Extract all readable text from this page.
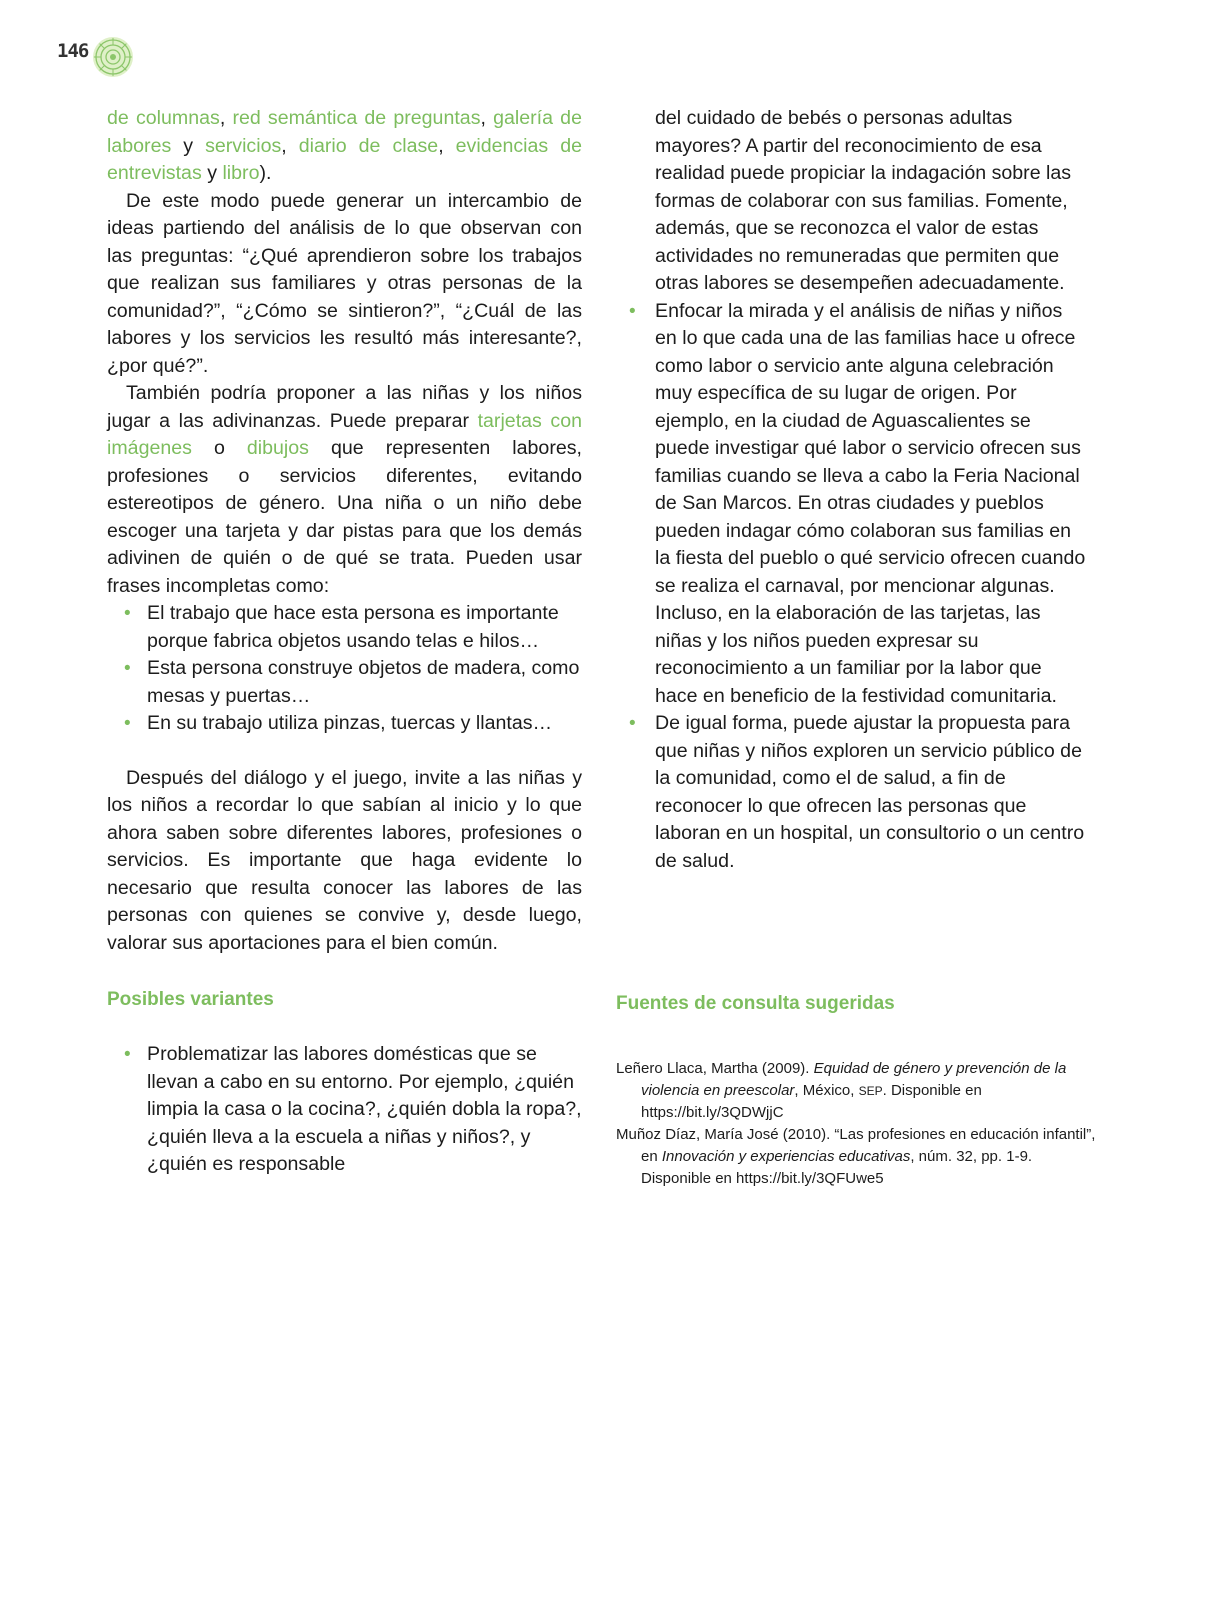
146

de columnas, red semántica de preguntas, galería de labores y servicios, diario de clase, evidencias de entrevistas y libro).

De este modo puede generar un intercambio de ideas partiendo del análisis de lo que observan con las preguntas: “¿Qué aprendieron sobre los trabajos que realizan sus familiares y otras personas de la comunidad?”, “¿Cómo se sintieron?”, “¿Cuál de las labores y los servicios les resultó más interesante?, ¿por qué?”.

También podría proponer a las niñas y los niños jugar a las adivinanzas. Puede preparar tarjetas con imágenes o dibujos que representen labores, profesiones o servicios diferentes, evitando estereotipos de género. Una niña o un niño debe escoger una tarjeta y dar pistas para que los demás adivinen de quién o de qué se trata. Pueden usar frases incompletas como:

• El trabajo que hace esta persona es importante porque fabrica objetos usando telas e hilos…
• Esta persona construye objetos de madera, como mesas y puertas…
• En su trabajo utiliza pinzas, tuercas y llantas…

Después del diálogo y el juego, invite a las niñas y los niños a recordar lo que sabían al inicio y lo que ahora saben sobre diferentes labores, profesiones o servicios. Es importante que haga evidente lo necesario que resulta conocer las labores de las personas con quienes se convive y, desde luego, valorar sus aportaciones para el bien común.

Posibles variantes
• Problematizar las labores domésticas que se llevan a cabo en su entorno. Por ejemplo, ¿quién limpia la casa o la cocina?, ¿quién dobla la ropa?, ¿quién lleva a la escuela a niñas y niños?, y ¿quién es responsable

del cuidado de bebés o personas adultas mayores? A partir del reconocimiento de esa realidad puede propiciar la indagación sobre las formas de colaborar con sus familias. Fomente, además, que se reconozca el valor de estas actividades no remuneradas que permiten que otras labores se desempeñen adecuadamente.

• Enfocar la mirada y el análisis de niñas y niños en lo que cada una de las familias hace u ofrece como labor o servicio ante alguna celebración muy específica de su lugar de origen. Por ejemplo, en la ciudad de Aguascalientes se puede investigar qué labor o servicio ofrecen sus familias cuando se lleva a cabo la Feria Nacional de San Marcos. En otras ciudades y pueblos pueden indagar cómo colaboran sus familias en la fiesta del pueblo o qué servicio ofrecen cuando se realiza el carnaval, por mencionar algunas. Incluso, en la elaboración de las tarjetas, las niñas y los niños pueden expresar su reconocimiento a un familiar por la labor que hace en beneficio de la festividad comunitaria.
• De igual forma, puede ajustar la propuesta para que niñas y niños exploren un servicio público de la comunidad, como el de salud, a fin de reconocer lo que ofrecen las personas que laboran en un hospital, un consultorio o un centro de salud.
Fuentes de consulta sugeridas

Leñero Llaca, Martha (2009). Equidad de género y prevención de la violencia en preescolar, México, SEP. Disponible en https://bit.ly/3QDWjjC

Muñoz Díaz, María José (2010). “Las profesiones en educación infantil”, en Innovación y experiencias educativas, núm. 32, pp. 1-9. Disponible en https://bit.ly/3QFUwe5
